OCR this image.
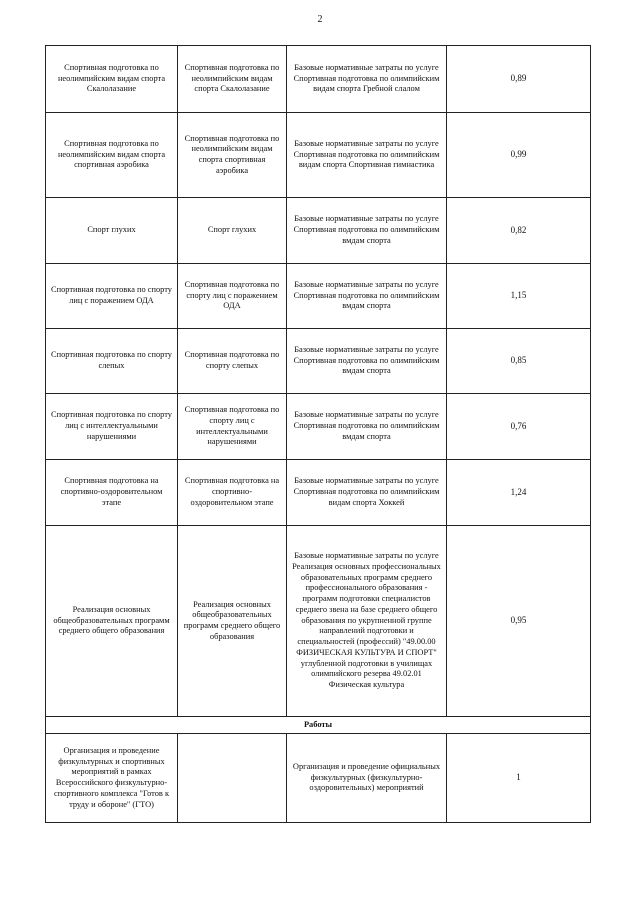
2
Спортивная подготовка по неолимпийским видам спорта Скалолазание	Спортивная подготовка по неолимпийским видам спорта Скалолазание	Базовые нормативные затраты по услуге Спортивная подготовка по олимпийским видам спорта Гребной слалом	0,89
Спортивная подготовка по неолимпийским видам спорта спортивная аэробика	Спортивная подготовка по неолимпийским видам спорта спортивная аэробика	Базовые нормативные затраты по услуге Спортивная подготовка по олимпийским видам спорта Спортивная гимнастика	0,99
Спорт глухих	Спорт глухих	Базовые нормативные затраты по услуге Спортивная подготовка по олимпийским вмдам спорта	0,82
Спортивная подготовка по спорту лиц с поражением ОДА	Спортивная подготовка по спорту лиц с поражением ОДА	Базовые нормативные затраты по услуге Спортивная подготовка по олимпийским вмдам спорта	1,15
Спортивная подготовка по спорту слепых	Спортивная подготовка по спорту слепых	Базовые нормативные затраты по услуге Спортивная подготовка по олимпийским вмдам спорта	0,85
Спортивная подготовка по спорту лиц с интеллектуальными нарушениями	Спортивная подготовка по спорту лиц с интеллектуальными нарушениями	Базовые нормативные затраты по услуге Спортивная подготовка по олимпийским вмдам спорта	0,76
Спортивная подготовка на спортивно-оздоровительном этапе	Спортивная подготовка на спортивно-оздоровительном этапе	Базовые нормативные затраты по услуге Спортивная подготовка по олимпийским видам спорта Хоккей	1,24
Реализация основных общеобразовательных программ среднего общего образования	Реализация основных общеобразовательных программ среднего общего образования	Базовые нормативные затраты по услуге Реализация основных профессиональных образовательных программ среднего профессионального образования - программ подготовки специалистов среднего звена на базе среднего общего образования по укрупненной группе направлений подготовки и специальностей (профессий) "49.00.00 ФИЗИЧЕСКАЯ КУЛЬТУРА И СПОРТ" углубленной подготовки в училищах олимпийского резерва 49.02.01 Физическая культура	0,95
Работы			
Организация и проведение физкультурных и спортивных мероприятий в рамках Всероссийского физкультурно-спортивного комплекса "Готов к труду и обороне" (ГТО)		Организация и проведение официальных физкультурных (физкультурно-оздоровительных) мероприятий	1
